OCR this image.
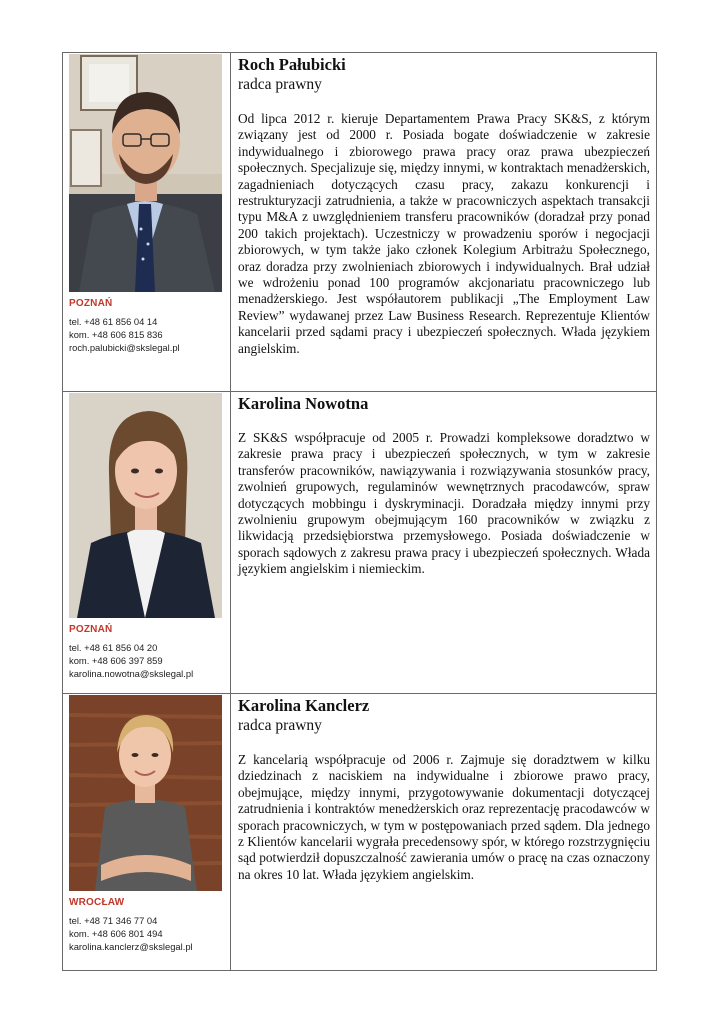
POZNAŃ
tel. +48 61 856 04 14
kom. +48 606 815 836
roch.palubicki@skslegal.pl
Roch Pałubicki
radca prawny
Od lipca 2012 r. kieruje Departamentem Prawa Pracy SK&S, z którym związany jest od 2000 r. Posiada bogate doświadczenie w zakresie indywidualnego i zbiorowego prawa pracy oraz prawa ubezpieczeń społecznych. Specjalizuje się, między innymi, w kontraktach menadżerskich, zagadnieniach dotyczących czasu pracy, zakazu konkurencji i restrukturyzacji zatrudnienia, a także w pracowniczych aspektach transakcji typu M&A z uwzględnieniem transferu pracowników (doradzał przy ponad 200 takich projektach). Uczestniczy w prowadzeniu sporów i negocjacji zbiorowych, w tym także jako członek Kolegium Arbitrażu Społecznego, oraz doradza przy zwolnieniach zbiorowych i indywidualnych. Brał udział we wdrożeniu ponad 100 programów akcjonariatu pracowniczego lub menadżerskiego. Jest współautorem publikacji „The Employment Law Review” wydawanej przez Law Business Research. Reprezentuje Klientów kancelarii przed sądami pracy i ubezpieczeń społecznych. Włada językiem angielskim.
POZNAŃ
tel. +48 61 856 04 20
kom. +48 606 397 859
karolina.nowotna@skslegal.pl
Karolina Nowotna
Z SK&S współpracuje od 2005 r. Prowadzi kompleksowe doradztwo w zakresie prawa pracy i ubezpieczeń społecznych, w tym w zakresie transferów pracowników, nawiązywania i rozwiązywania stosunków pracy, zwolnień grupowych, regulaminów wewnętrznych pracodawców, spraw dotyczących mobbingu i dyskryminacji. Doradzała między innymi przy zwolnieniu grupowym obejmującym 160 pracowników w związku z likwidacją przedsiębiorstwa przemysłowego. Posiada doświadczenie w sporach sądowych z zakresu prawa pracy i ubezpieczeń społecznych. Włada językiem angielskim i niemieckim.
WROCŁAW
tel. +48 71 346 77 04
kom. +48 606 801 494
karolina.kanclerz@skslegal.pl
Karolina Kanclerz
radca prawny
Z kancelarią współpracuje od 2006 r. Zajmuje się doradztwem w kilku dziedzinach z naciskiem na indywidualne i zbiorowe prawo pracy, obejmujące, między innymi, przygotowywanie dokumentacji dotyczącej zatrudnienia i kontraktów menedżerskich oraz reprezentację pracodawców w sporach pracowniczych, w tym w postępowaniach przed sądem. Dla jednego z Klientów kancelarii wygrała precedensowy spór, w którego rozstrzygnięciu sąd potwierdził dopuszczalność zawierania umów o pracę na czas oznaczony na okres 10 lat. Włada językiem angielskim.
